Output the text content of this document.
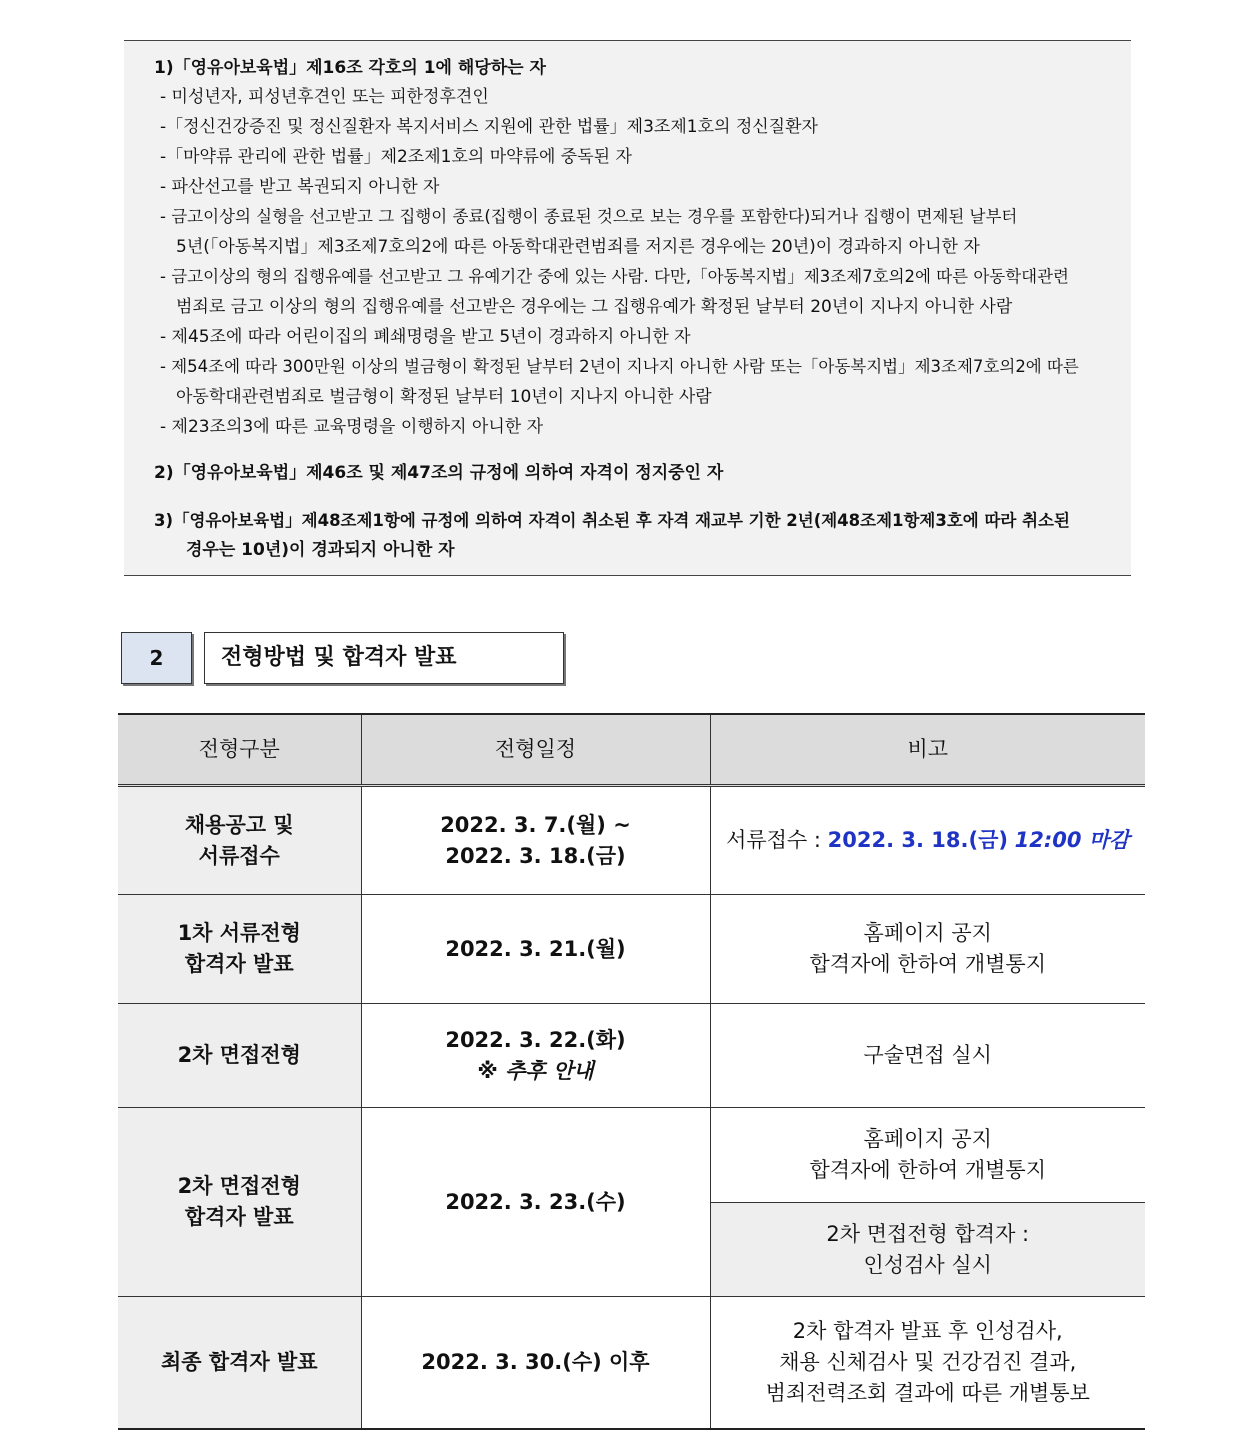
1)「영유아보육법」제16조 각호의 1에 해당하는 자
- 미성년자, 피성년후견인 또는 피한정후견인
-「정신건강증진 및 정신질환자 복지서비스 지원에 관한 법률」제3조제1호의 정신질환자
-「마약류 관리에 관한 법률」제2조제1호의 마약류에 중독된 자
- 파산선고를 받고 복권되지 아니한 자
- 금고이상의 실형을 선고받고 그 집행이 종료(집행이 종료된 것으로 보는 경우를 포함한다)되거나 집행이 면제된 날부터
5년(「아동복지법」제3조제7호의2에 따른 아동학대관련범죄를 저지른 경우에는 20년)이 경과하지 아니한 자
- 금고이상의 형의 집행유예를 선고받고 그 유예기간 중에 있는 사람. 다만,「아동복지법」제3조제7호의2에 따른 아동학대관련
범죄로 금고 이상의 형의 집행유예를 선고받은 경우에는 그 집행유예가 확정된 날부터 20년이 지나지 아니한 사람
- 제45조에 따라 어린이집의 폐쇄명령을 받고 5년이 경과하지 아니한 자
- 제54조에 따라 300만원 이상의 벌금형이 확정된 날부터 2년이 지나지 아니한 사람 또는「아동복지법」제3조제7호의2에 따른
아동학대관련범죄로 벌금형이 확정된 날부터 10년이 지나지 아니한 사람
- 제23조의3에 따른 교육명령을 이행하지 아니한 자
2)「영유아보육법」제46조 및 제47조의 규정에 의하여 자격이 정지중인 자
3)「영유아보육법」제48조제1항에 규정에 의하여 자격이 취소된 후 자격 재교부 기한 2년(제48조제1항제3호에 따라 취소된
경우는 10년)이 경과되지 아니한 자
2	전형방법 및 합격자 발표
전형구분	전형일정	비고

채용공고 및
서류접수	2022. 3. 7.(월) ~
2022. 3. 18.(금)	서류접수 : 2022. 3. 18.(금) 12:00 마감

1차 서류전형
합격자 발표	2022. 3. 21.(월)	홈페이지 공지
합격자에 한하여 개별통지

2차 면접전형	2022. 3. 22.(화)
※ 추후 안내	구술면접 실시

2차 면접전형
합격자 발표	2022. 3. 23.(수)	홈페이지 공지
합격자에 한하여 개별통지

		2차 면접전형 합격자 :
인성검사 실시

최종 합격자 발표	2022. 3. 30.(수) 이후	2차 합격자 발표 후 인성검사,
채용 신체검사 및 건강검진 결과,
범죄전력조회 결과에 따른 개별통보
